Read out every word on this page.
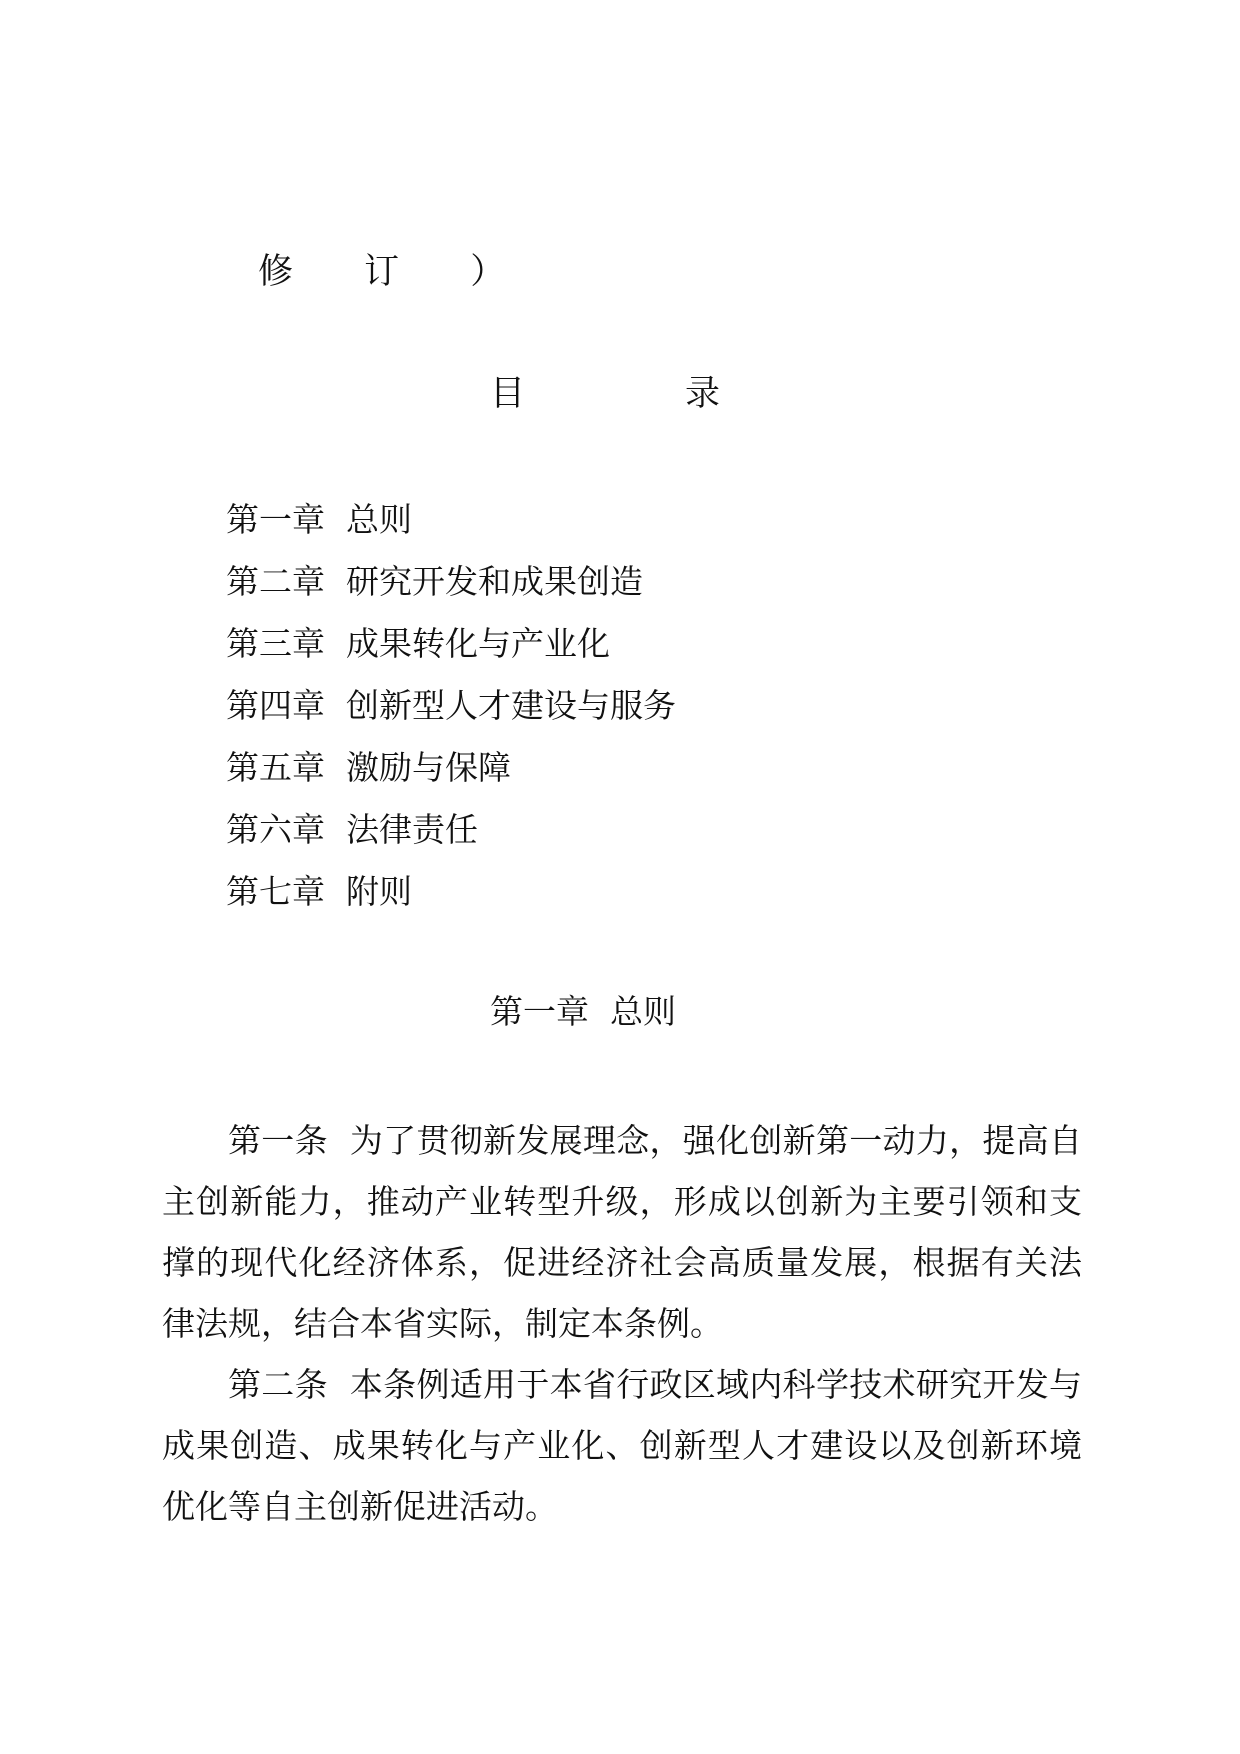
修 订 ）
目录
第一章 总则
第二章 研究开发和成果创造
第三章 成果转化与产业化
第四章 创新型人才建设与服务
第五章 激励与保障
第六章 法律责任
第七章 附则
第一章 总则

第一条 为了贯彻新发展理念，强化创新第一动力，提高自主创新能力，推动产业转型升级，形成以创新为主要引领和支撑的现代化经济体系，促进经济社会高质量发展，根据有关法律法规，结合本省实际，制定本条例。

第二条 本条例适用于本省行政区域内科学技术研究开发与成果创造、成果转化与产业化、创新型人才建设以及创新环境优化等自主创新促进活动。
